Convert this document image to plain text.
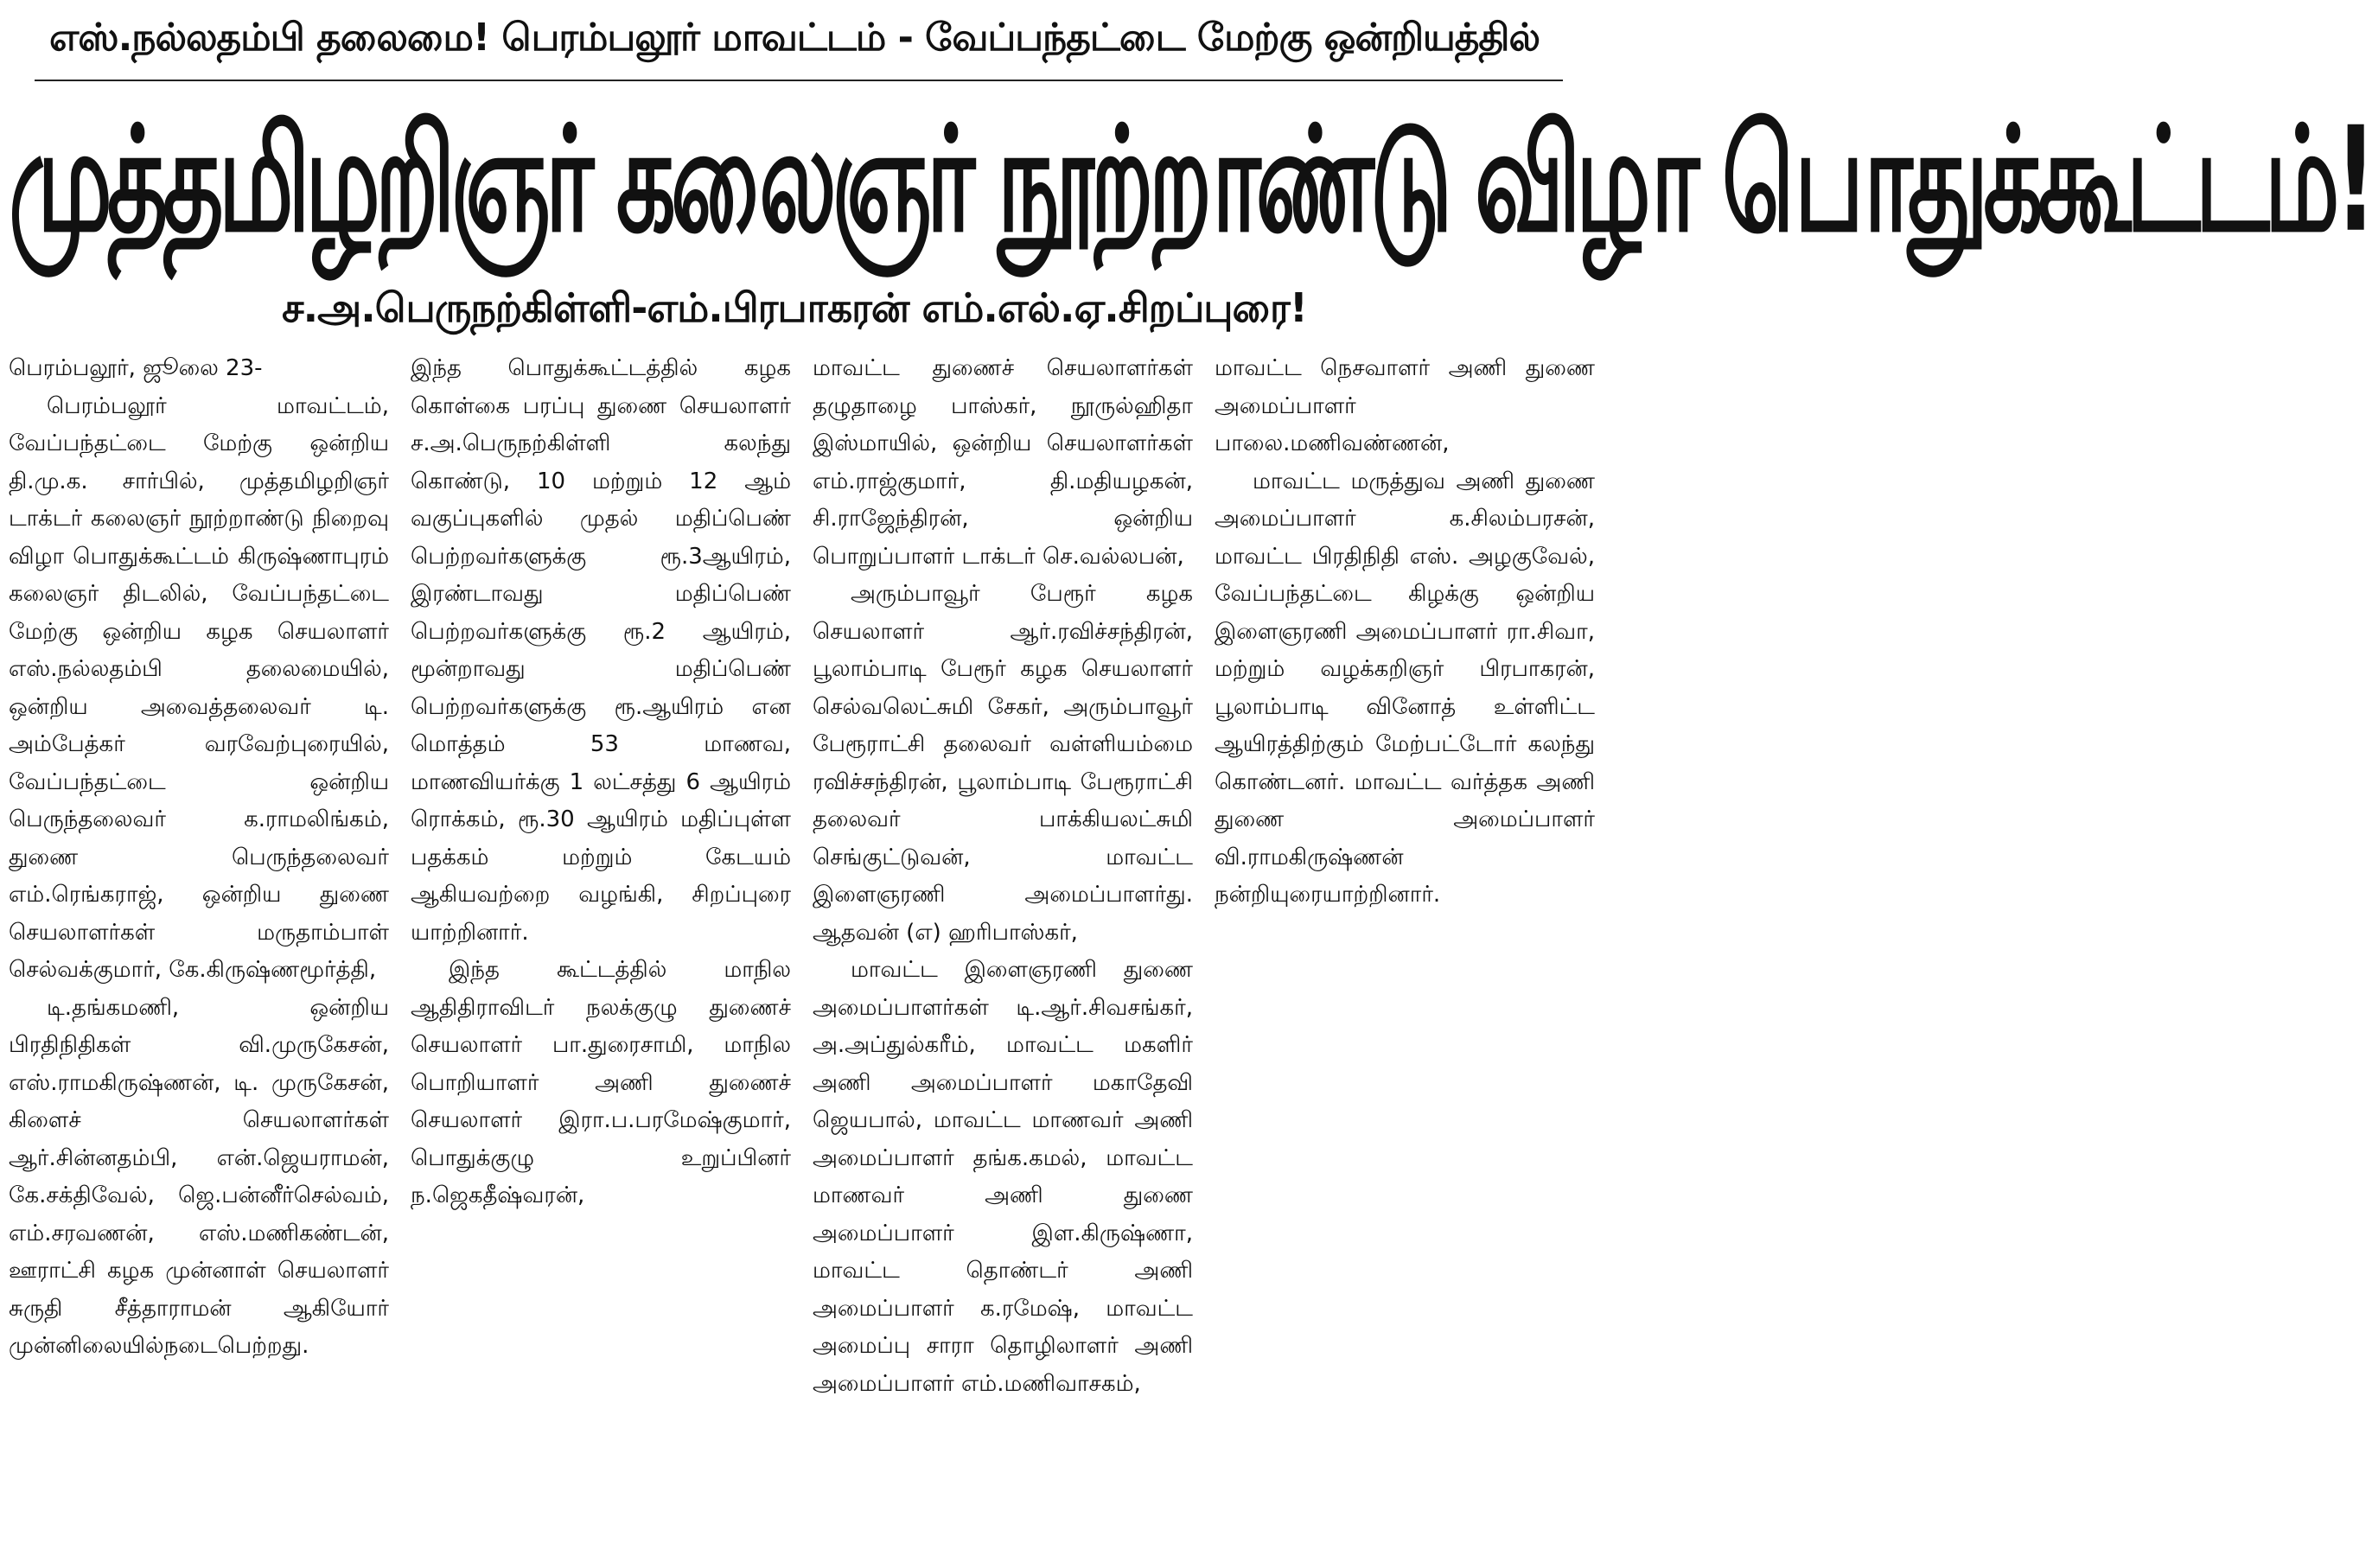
எஸ்.நல்லதம்பி தலைமை! பெரம்பலூர் மாவட்டம் - வேப்பந்தட்டை மேற்கு ஒன்றியத்தில்
முத்தமிழறிஞர் கலைஞர் நூற்றாண்டு விழா பொதுக்கூட்டம்!
ச.அ.பெருநற்கிள்ளி-எம்.பிரபாகரன் எம்.எல்.ஏ.சிறப்புரை!

பெரம்பலூர், ஜூலை 23-

பெரம்பலூர் மாவட்டம், வேப்பந்தட்டை மேற்கு ஒன்றிய தி.மு.க. சார்பில், முத்தமிழறிஞர் டாக்டர் கலைஞர் நூற்றாண்டு நிறைவு விழா பொதுக்கூட்டம் கிருஷ்ணாபுரம் கலைஞர் திடலில், வேப்பந்தட்டை மேற்கு ஒன்றிய கழக செயலாளர் எஸ்.நல்லதம்பி தலைமையில், ஒன்றிய அவைத்தலைவர் டி. அம்பேத்கர் வரவேற்புரையில், வேப்பந்தட்டை ஒன்றிய பெருந்தலைவர் க.ராமலிங்கம், துணை பெருந்தலைவர் எம்.ரெங்கராஜ், ஒன்றிய துணை செயலாளர்கள் மருதாம்பாள் செல்வக்குமார், கே.கிருஷ்ணமூர்த்தி,

டி.தங்கமணி, ஒன்றிய பிரதிநிதிகள் வி.முருகேசன், எஸ்.ராமகிருஷ்ணன், டி. முருகேசன், கிளைச் செயலாளர்கள் ஆர்.சின்னதம்பி, என்.ஜெயராமன், கே.சக்திவேல், ஜெ.பன்னீர்செல்வம், எம்.சரவணன், எஸ்.மணிகண்டன், ஊராட்சி கழக முன்னாள் செயலாளர் சுருதி சீத்தாராமன் ஆகியோர் முன்னிலையில்நடைபெற்றது.

இந்த பொதுக்கூட்டத்தில் கழக கொள்கை பரப்பு துணை செயலாளர் ச.அ.பெருநற்கிள்ளி கலந்து கொண்டு, 10 மற்றும் 12 ஆம் வகுப்புகளில் முதல் மதிப்பெண் பெற்றவர்களுக்கு ரூ.3ஆயிரம், இரண்டாவது மதிப்பெண் பெற்றவர்களுக்கு ரூ.2 ஆயிரம், மூன்றாவது மதிப்பெண் பெற்றவர்களுக்கு ரூ.ஆயிரம் என மொத்தம் 53 மாணவ, மாணவியர்க்கு 1 லட்சத்து 6 ஆயிரம் ரொக்கம், ரூ.30 ஆயிரம் மதிப்புள்ள பதக்கம் மற்றும் கேடயம் ஆகியவற்றை வழங்கி, சிறப்புரை யாற்றினார்.

இந்த கூட்டத்தில் மாநில ஆதிதிராவிடர் நலக்குழு துணைச் செயலாளர் பா.துரைசாமி, மாநில பொறியாளர் அணி துணைச் செயலாளர் இரா.ப.பரமேஷ்குமார், பொதுக்குழு உறுப்பினர் ந.ஜெகதீஷ்வரன்,

மாவட்ட துணைச் செயலாளர்கள் தழுதாழை பாஸ்கர், நூருல்ஹிதா இஸ்மாயில், ஒன்றிய செயலாளர்கள் எம்.ராஜ்குமார், தி.மதியழகன், சி.ராஜேந்திரன், ஒன்றிய பொறுப்பாளர் டாக்டர் செ.வல்லபன்,

அரும்பாவூர் பேரூர் கழக செயலாளர் ஆர்.ரவிச்சந்திரன், பூலாம்பாடி பேரூர் கழக செயலாளர் செல்வலெட்சுமி சேகர், அரும்பாவூர் பேரூராட்சி தலைவர் வள்ளியம்மை ரவிச்சந்திரன், பூலாம்பாடி பேரூராட்சி தலைவர் பாக்கியலட்சுமி செங்குட்டுவன், மாவட்ட இளைஞரணி அமைப்பாளர்து. ஆதவன் (எ) ஹரிபாஸ்கர்,

மாவட்ட இளைஞரணி துணை அமைப்பாளர்கள் டி.ஆர்.சிவசங்கர், அ.அப்துல்கரீம், மாவட்ட மகளிர் அணி அமைப்பாளர் மகாதேவி ஜெயபால், மாவட்ட மாணவர் அணி அமைப்பாளர் தங்க.கமல், மாவட்ட மாணவர் அணி துணை அமைப்பாளர் இள.கிருஷ்ணா, மாவட்ட தொண்டர் அணி அமைப்பாளர் க.ரமேஷ், மாவட்ட அமைப்பு சாரா தொழிலாளர் அணி அமைப்பாளர் எம்.மணிவாசகம்,

மாவட்ட நெசவாளர் அணி துணை அமைப்பாளர் பாலை.மணிவண்ணன்,

மாவட்ட மருத்துவ அணி துணை அமைப்பாளர் க.சிலம்பரசன், மாவட்ட பிரதிநிதி எஸ். அழகுவேல், வேப்பந்தட்டை கிழக்கு ஒன்றிய இளைஞரணி அமைப்பாளர் ரா.சிவா, மற்றும் வழக்கறிஞர் பிரபாகரன், பூலாம்பாடி வினோத் உள்ளிட்ட ஆயிரத்திற்கும் மேற்பட்டோர் கலந்து கொண்டனர். மாவட்ட வர்த்தக அணி துணை அமைப்பாளர் வி.ராமகிருஷ்ணன் நன்றியுரையாற்றினார்.
